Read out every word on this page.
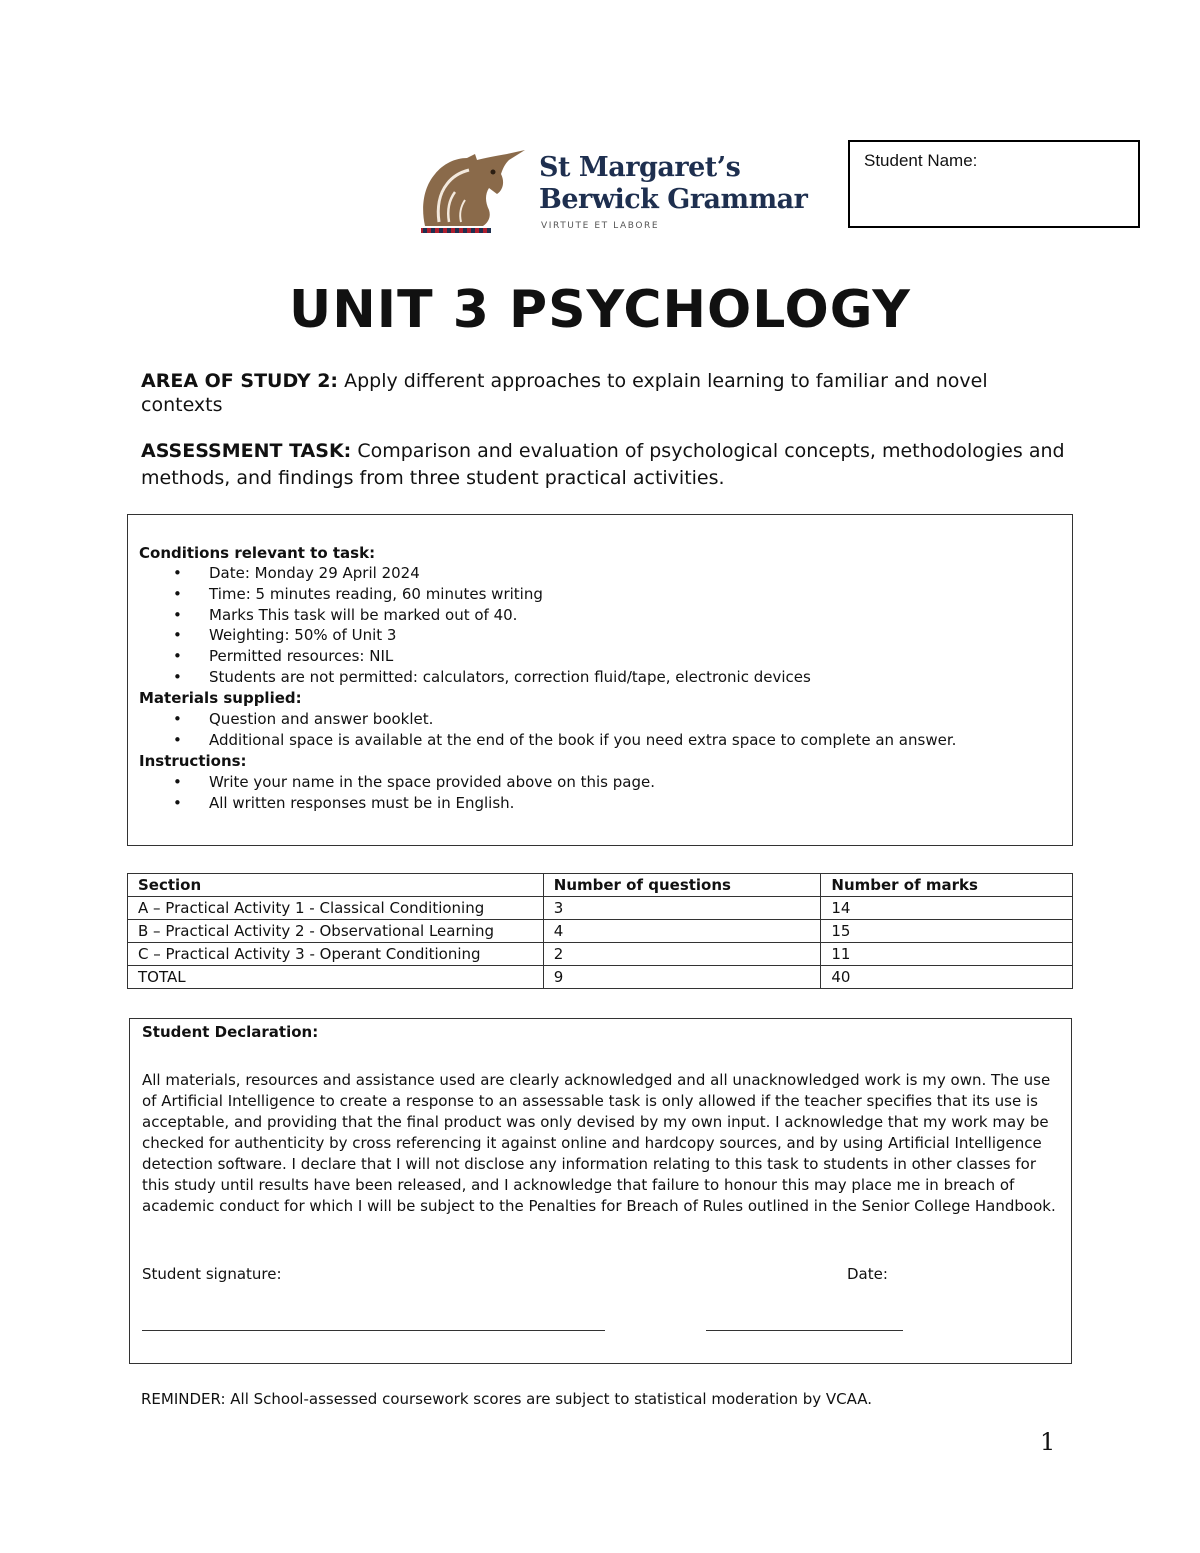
St Margaret’s
Berwick Grammar
VIRTUTE ET LABORE
Student Name:
UNIT 3 PSYCHOLOGY
AREA OF STUDY 2: Apply different approaches to explain learning to familiar and novel contexts
ASSESSMENT TASK: Comparison and evaluation of psychological concepts, methodologies and methods, and findings from three student practical activities.
Conditions relevant to task:
• Date: Monday 29 April 2024
• Time: 5 minutes reading, 60 minutes writing
• Marks This task will be marked out of 40.
• Weighting: 50% of Unit 3
• Permitted resources: NIL
• Students are not permitted: calculators, correction fluid/tape, electronic devices
Materials supplied:
• Question and answer booklet.
• Additional space is available at the end of the book if you need extra space to complete an answer.
Instructions:
• Write your name in the space provided above on this page.
• All written responses must be in English.
Section	Number of questions	Number of marks
A – Practical Activity 1 - Classical Conditioning	3	14
B – Practical Activity 2 - Observational Learning	4	15
C – Practical Activity 3 - Operant Conditioning	2	11
TOTAL	9	40
Student Declaration:
All materials, resources and assistance used are clearly acknowledged and all unacknowledged work is my own. The use of Artificial Intelligence to create a response to an assessable task is only allowed if the teacher specifies that its use is acceptable, and providing that the final product was only devised by my own input. I acknowledge that my work may be checked for authenticity by cross referencing it against online and hardcopy sources, and by using Artificial Intelligence detection software. I declare that I will not disclose any information relating to this task to students in other classes for this study until results have been released, and I acknowledge that failure to honour this may place me in breach of academic conduct for which I will be subject to the Penalties for Breach of Rules outlined in the Senior College Handbook.
Student signature:	Date:
REMINDER: All School-assessed coursework scores are subject to statistical moderation by VCAA.
1
